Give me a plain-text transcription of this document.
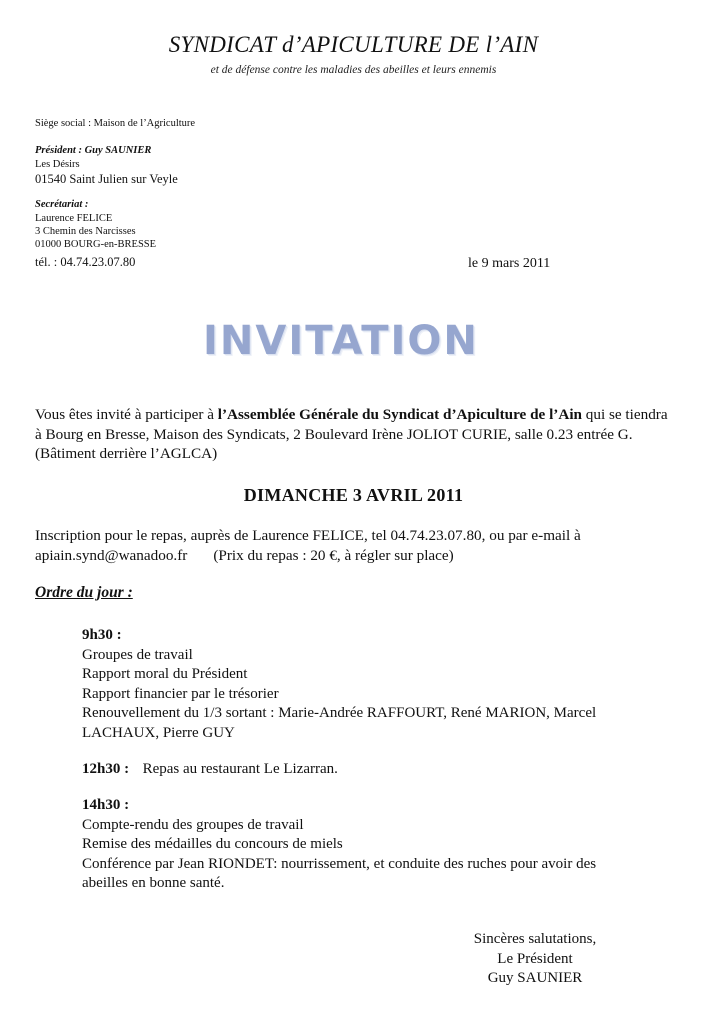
SYNDICAT d’APICULTURE DE l’AIN
et de défense contre les maladies des abeilles et leurs ennemis
Siège social : Maison de l’Agriculture
Président : Guy SAUNIER
Les Désirs
01540 Saint Julien sur Veyle
Secrétariat :
Laurence FELICE
3 Chemin des Narcisses
01000 BOURG-en-BRESSE
tél. : 04.74.23.07.80	le 9 mars 2011
INVITATION
Vous êtes invité à participer à l’Assemblée Générale du Syndicat d’Apiculture de l’Ain qui se tiendra à Bourg en Bresse, Maison des Syndicats, 2 Boulevard Irène JOLIOT CURIE, salle 0.23 entrée G. (Bâtiment derrière l’AGLCA)
DIMANCHE 3 AVRIL 2011
Inscription pour le repas, auprès de Laurence FELICE, tel 04.74.23.07.80, ou par e-mail à
apiain.synd@wanadoo.fr (Prix du repas : 20 €, à régler sur place)
Ordre du jour :
9h30 :
Groupes de travail
Rapport moral du Président
Rapport financier par le trésorier
Renouvellement du 1/3 sortant : Marie-Andrée RAFFOURT, René MARION, Marcel
LACHAUX, Pierre GUY
12h30 : Repas au restaurant Le Lizarran.
14h30 :
Compte-rendu des groupes de travail
Remise des médailles du concours de miels
Conférence par Jean RIONDET: nourrissement, et conduite des ruches pour avoir des
abeilles en bonne santé.
Sincères salutations,
Le Président
Guy SAUNIER
